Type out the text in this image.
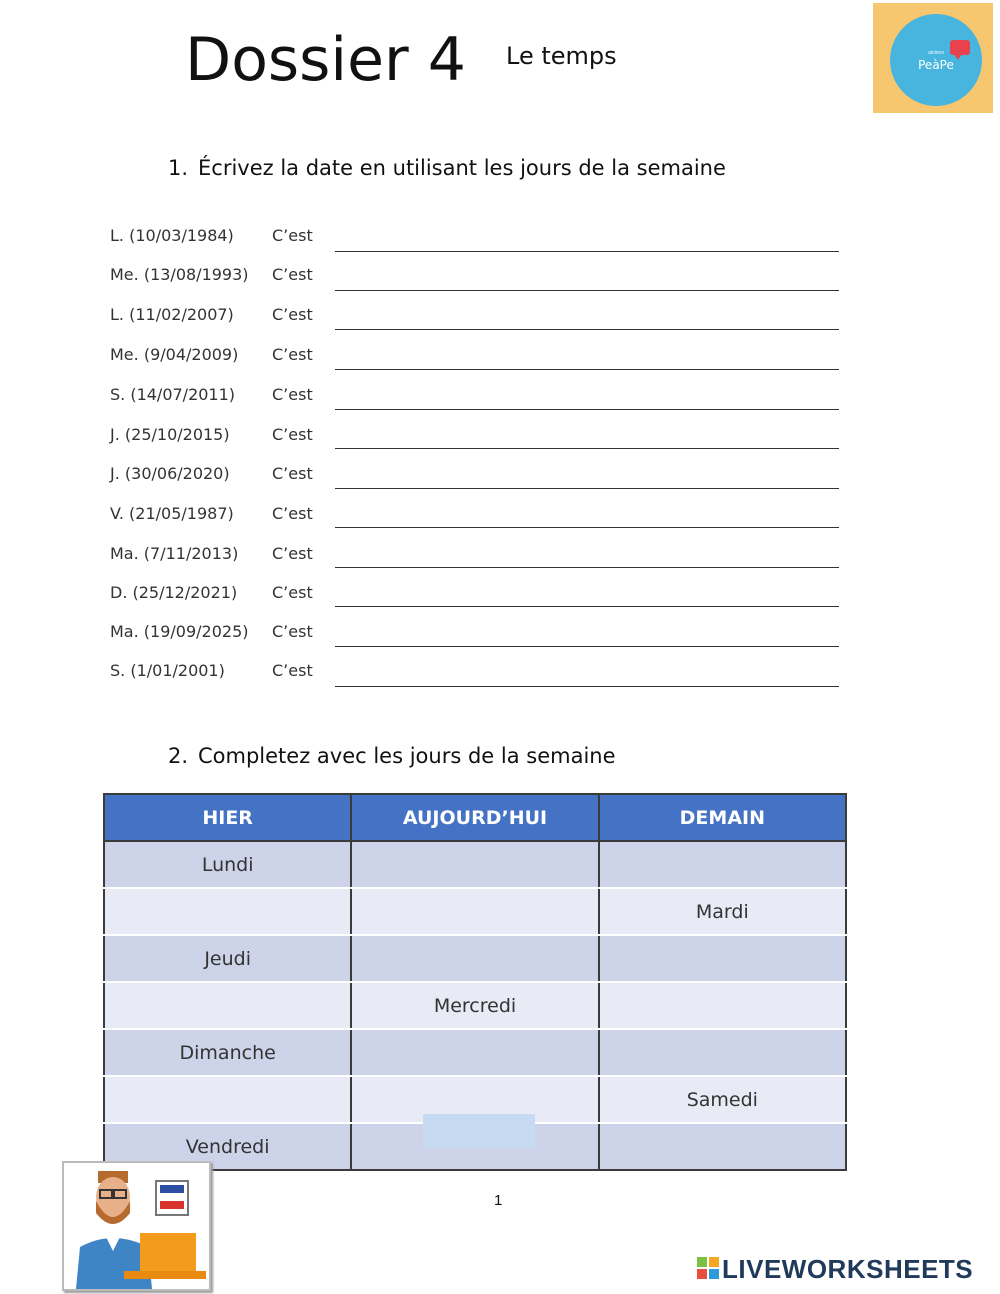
Dossier 4 Le temps	ateliers
PeàPe
1. Écrivez la date en utilisant les jours de la semaine
L. (10/03/1984) C’est
Me. (13/08/1993) C’est
L. (11/02/2007) C’est
Me. (9/04/2009) C’est
S. (14/07/2011) C’est
J. (25/10/2015)	C’est
J. (30/06/2020)	C’est
V. (21/05/1987) C’est
Ma. (7/11/2013) C’est
D. (25/12/2021) C’est
Ma. (19/09/2025) C’est
S. (1/01/2001)	C’est
2. Completez avec les jours de la semaine
HIER	AUJOURD’HUI	DEMAIN
Lundi		
		Mardi
Jeudi		
	Mercredi	
Dimanche		
		Samedi
Vendredi		
1
LIVEWORKSHEETS
